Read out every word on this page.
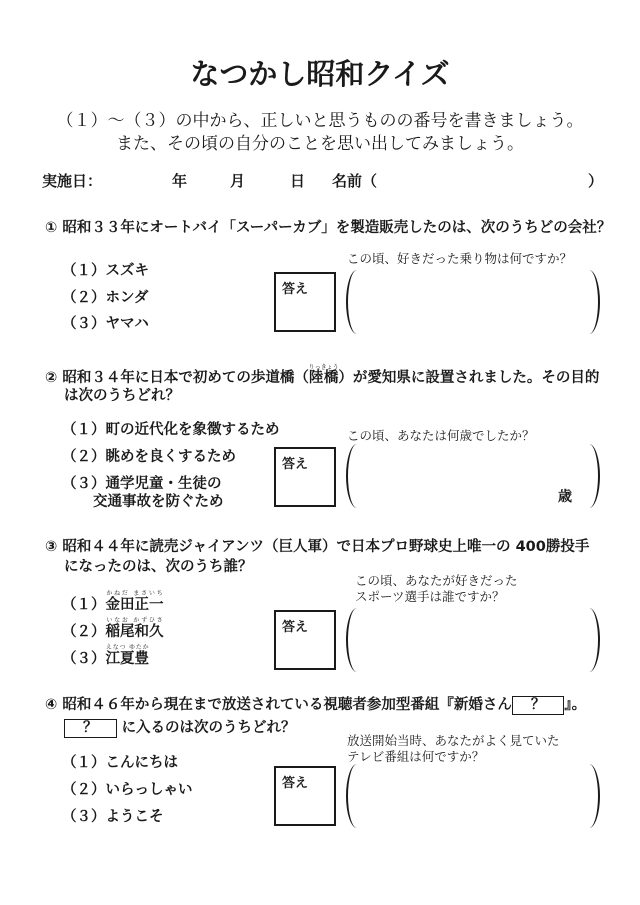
なつかし昭和クイズ
（１）〜（３）の中から、正しいと思うものの番号を書きましょう。
また、その頃の自分のことを思い出してみましょう。
実施日：	年	月	日 名前（	）
① 昭和３３年にオートバイ「スーパーカブ」を製造販売したのは、次のうちどの会社？
（１）スズキ
（２）ホンダ
（３）ヤマハ
答え
この頃、好きだった乗り物は何ですか？
② 昭和３４年に日本で初めての歩道橋（陸橋りっきょう）が愛知県に設置されました。その目的
は次のうちどれ？
（１）町の近代化を象徴するため
（２）眺めを良くするため
（３）通学児童・生徒の
交通事故を防ぐため
答え
この頃、あなたは何歳でしたか？
歳
③ 昭和４４年に読売ジャイアンツ（巨人軍）で日本プロ野球史上唯一の 400勝投手
になったのは、次のうち誰？
（１）金田正一かねだ まさいち
（２）稲尾和久いなお かずひさ
（３）江夏豊えなつ ゆたか
答え
この頃、あなたが好きだった
スポーツ選手は誰ですか？
④ 昭和４６年から現在まで放送されている視聴者参加型番組『新婚さん ？ 』。
？ に入るのは次のうちどれ？
（１）こんにちは
（２）いらっしゃい
（３）ようこそ
答え
放送開始当時、あなたがよく見ていた
テレビ番組は何ですか？
